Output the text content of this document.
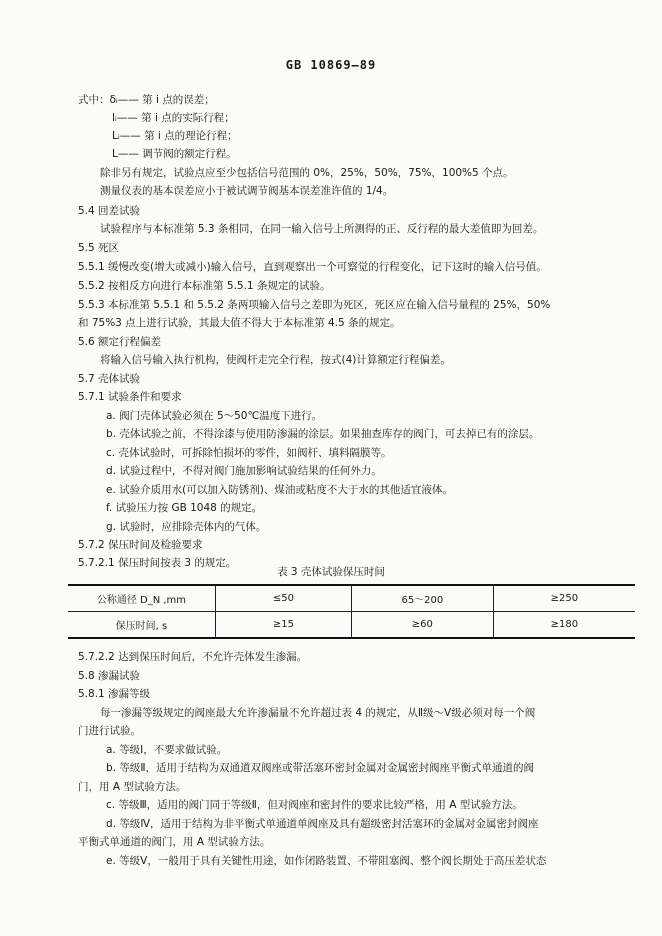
GB 10869—89
式中：δᵢ—— 第 i 点的误差；
lᵢ—— 第 i 点的实际行程；
Lᵢ—— 第 i 点的理论行程；
L—— 调节阀的额定行程。
除非另有规定，试验点应至少包括信号范围的 0%，25%，50%，75%，100%5 个点。
测量仪表的基本误差应小于被试调节阀基本误差准许值的 1/4。
5.4 回差试验
试验程序与本标准第 5.3 条相同，在同一输入信号上所测得的正、反行程的最大差值即为回差。
5.5 死区
5.5.1 缓慢改变(增大或减小)输入信号，直到观察出一个可察觉的行程变化，记下这时的输入信号值。
5.5.2 按相反方向进行本标准第 5.5.1 条规定的试验。
5.5.3 本标准第 5.5.1 和 5.5.2 条两项输入信号之差即为死区，死区应在输入信号量程的 25%，50%
和 75%3 点上进行试验，其最大值不得大于本标准第 4.5 条的规定。
5.6 额定行程偏差
将输入信号输入执行机构，使阀杆走完全行程，按式(4)计算额定行程偏差。
5.7 壳体试验
5.7.1 试验条件和要求
a. 阀门壳体试验必须在 5～50℃温度下进行。
b. 壳体试验之前，不得涂漆与使用防渗漏的涂层。如果抽查库存的阀门，可去掉已有的涂层。
c. 壳体试验时，可拆除怕损坏的零件，如阀杆、填料隔膜等。
d. 试验过程中，不得对阀门施加影响试验结果的任何外力。
e. 试验介质用水(可以加入防锈剂)、煤油或粘度不大于水的其他适宜液体。
f. 试验压力按 GB 1048 的规定。
g. 试验时，应排除壳体内的气体。
5.7.2 保压时间及检验要求
5.7.2.1 保压时间按表 3 的规定。
表 3 壳体试验保压时间
公称通径 D_N ,mm	≤50	65～200	≥250
保压时间, s	≥15	≥60	≥180
5.7.2.2 达到保压时间后，不允许壳体发生渗漏。
5.8 渗漏试验
5.8.1 渗漏等级
每一渗漏等级规定的阀座最大允许渗漏量不允许超过表 4 的规定，从Ⅱ级～Ⅴ级必须对每一个阀
门进行试验。
a. 等级Ⅰ，不要求做试验。
b. 等级Ⅱ，适用于结构为双通道双阀座或带活塞环密封金属对金属密封阀座平衡式单通道的阀
门，用 A 型试验方法。
c. 等级Ⅲ，适用的阀门同于等级Ⅱ，但对阀座和密封件的要求比较严格，用 A 型试验方法。
d. 等级Ⅳ，适用于结构为非平衡式单通道单阀座及具有超级密封活塞环的金属对金属密封阀座
平衡式单通道的阀门，用 A 型试验方法。
e. 等级Ⅴ，一般用于具有关键性用途，如作闭路装置、不带阻塞阀、整个阀长期处于高压差状态
